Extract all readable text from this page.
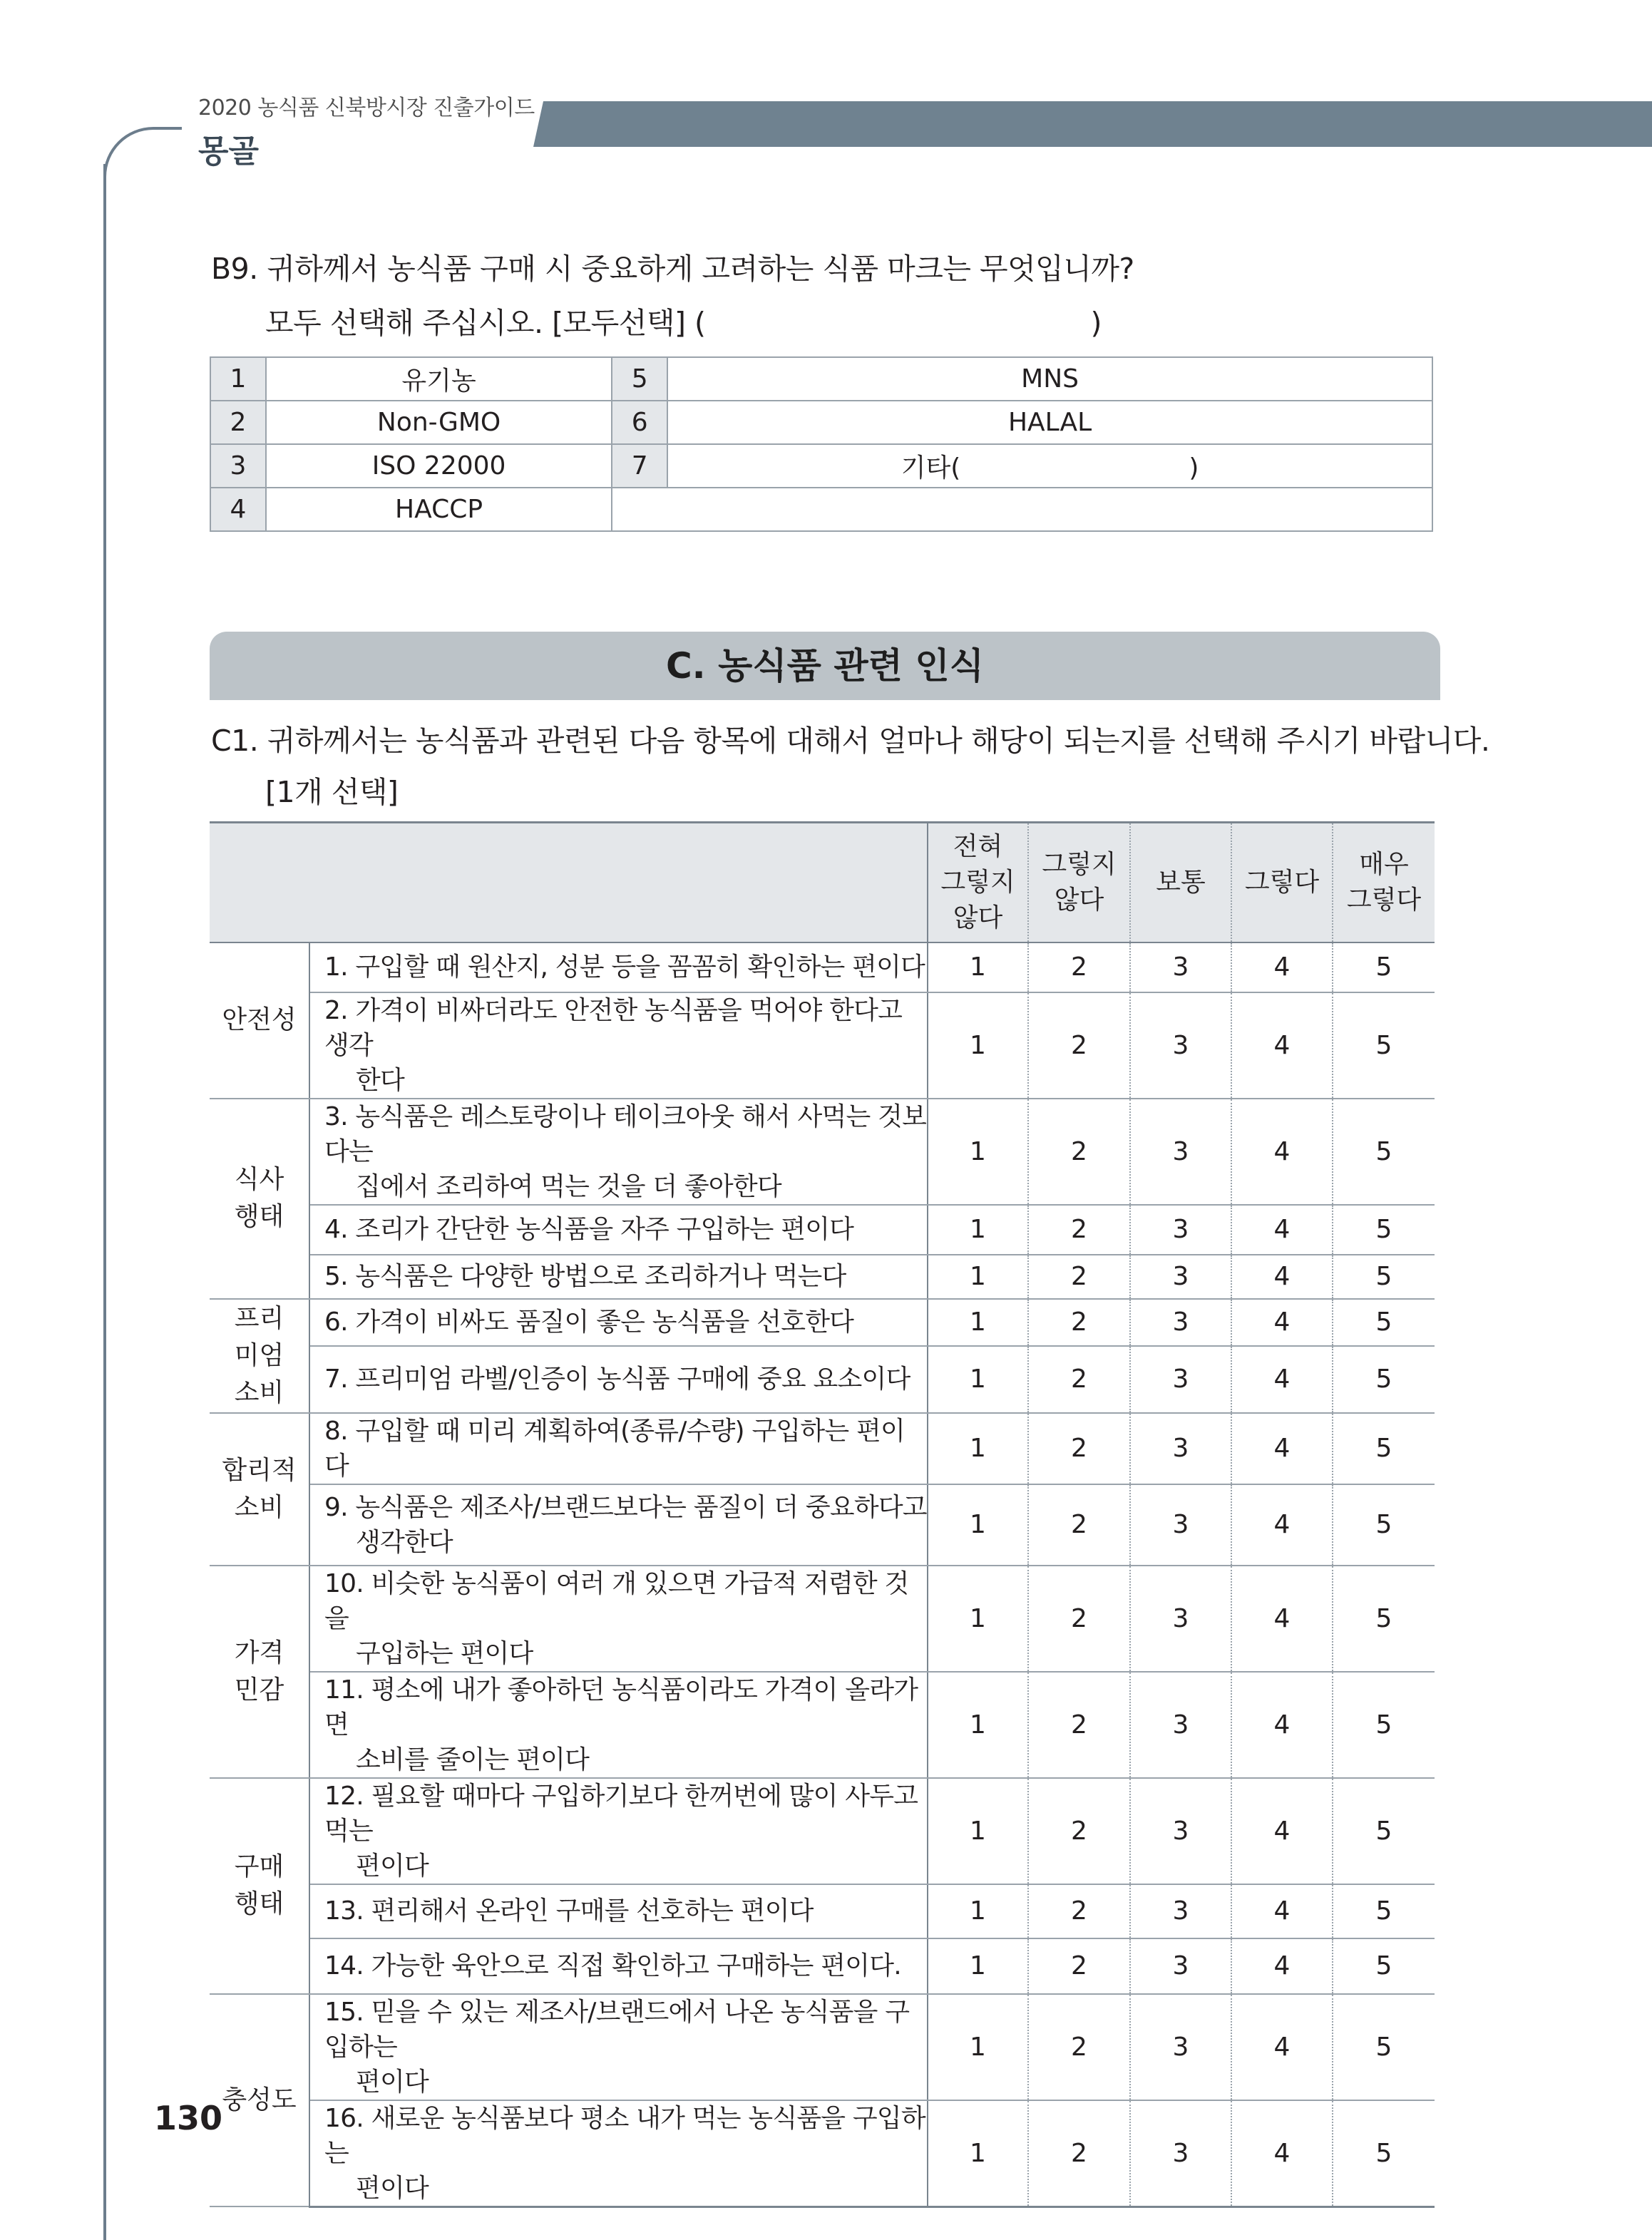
2020 농식품 신북방시장 진출가이드
몽골
B9. 귀하께서 농식품 구매 시 중요하게 고려하는 식품 마크는 무엇입니까?
모두 선택해 주십시오. [모두선택] (	)
1	유기농	5	MNS
2	Non-GMO	6	HALAL
3	ISO 22000	7	기타( )
4	HACCP		
C. 농식품 관련 인식
C1. 귀하께서는 농식품과 관련된 다음 항목에 대해서 얼마나 해당이 되는지를 선택해 주시기 바랍니다.
[1개 선택]
		전혀
그렇지
않다	그렇지
않다	보통	그렇다	매우
그렇다
안전성	1. 구입할 때 원산지, 성분 등을 꼼꼼히 확인하는 편이다	1	2	3	4	5
	2. 가격이 비싸더라도 안전한 농식품을 먹어야 한다고 생각
한다	1	2	3	4	5
식사
행태	3. 농식품은 레스토랑이나 테이크아웃 해서 사먹는 것보다는
집에서 조리하여 먹는 것을 더 좋아한다	1	2	3	4	5
	4. 조리가 간단한 농식품을 자주 구입하는 편이다	1	2	3	4	5
	5. 농식품은 다양한 방법으로 조리하거나 먹는다	1	2	3	4	5
프리
미엄
소비	6. 가격이 비싸도 품질이 좋은 농식품을 선호한다	1	2	3	4	5
	7. 프리미엄 라벨/인증이 농식품 구매에 중요 요소이다	1	2	3	4	5
합리적
소비	8. 구입할 때 미리 계획하여(종류/수량) 구입하는 편이다	1	2	3	4	5
	9. 농식품은 제조사/브랜드보다는 품질이 더 중요하다고
생각한다	1	2	3	4	5
가격
민감	10. 비슷한 농식품이 여러 개 있으면 가급적 저렴한 것을
구입하는 편이다	1	2	3	4	5
	11. 평소에 내가 좋아하던 농식품이라도 가격이 올라가면
소비를 줄이는 편이다	1	2	3	4	5
구매
행태	12. 필요할 때마다 구입하기보다 한꺼번에 많이 사두고 먹는
편이다	1	2	3	4	5
	13. 편리해서 온라인 구매를 선호하는 편이다	1	2	3	4	5
	14. 가능한 육안으로 직접 확인하고 구매하는 편이다.	1	2	3	4	5
충성도	15. 믿을 수 있는 제조사/브랜드에서 나온 농식품을 구입하는
편이다	1	2	3	4	5
	16. 새로운 농식품보다 평소 내가 먹는 농식품을 구입하는
편이다	1	2	3	4	5
130
